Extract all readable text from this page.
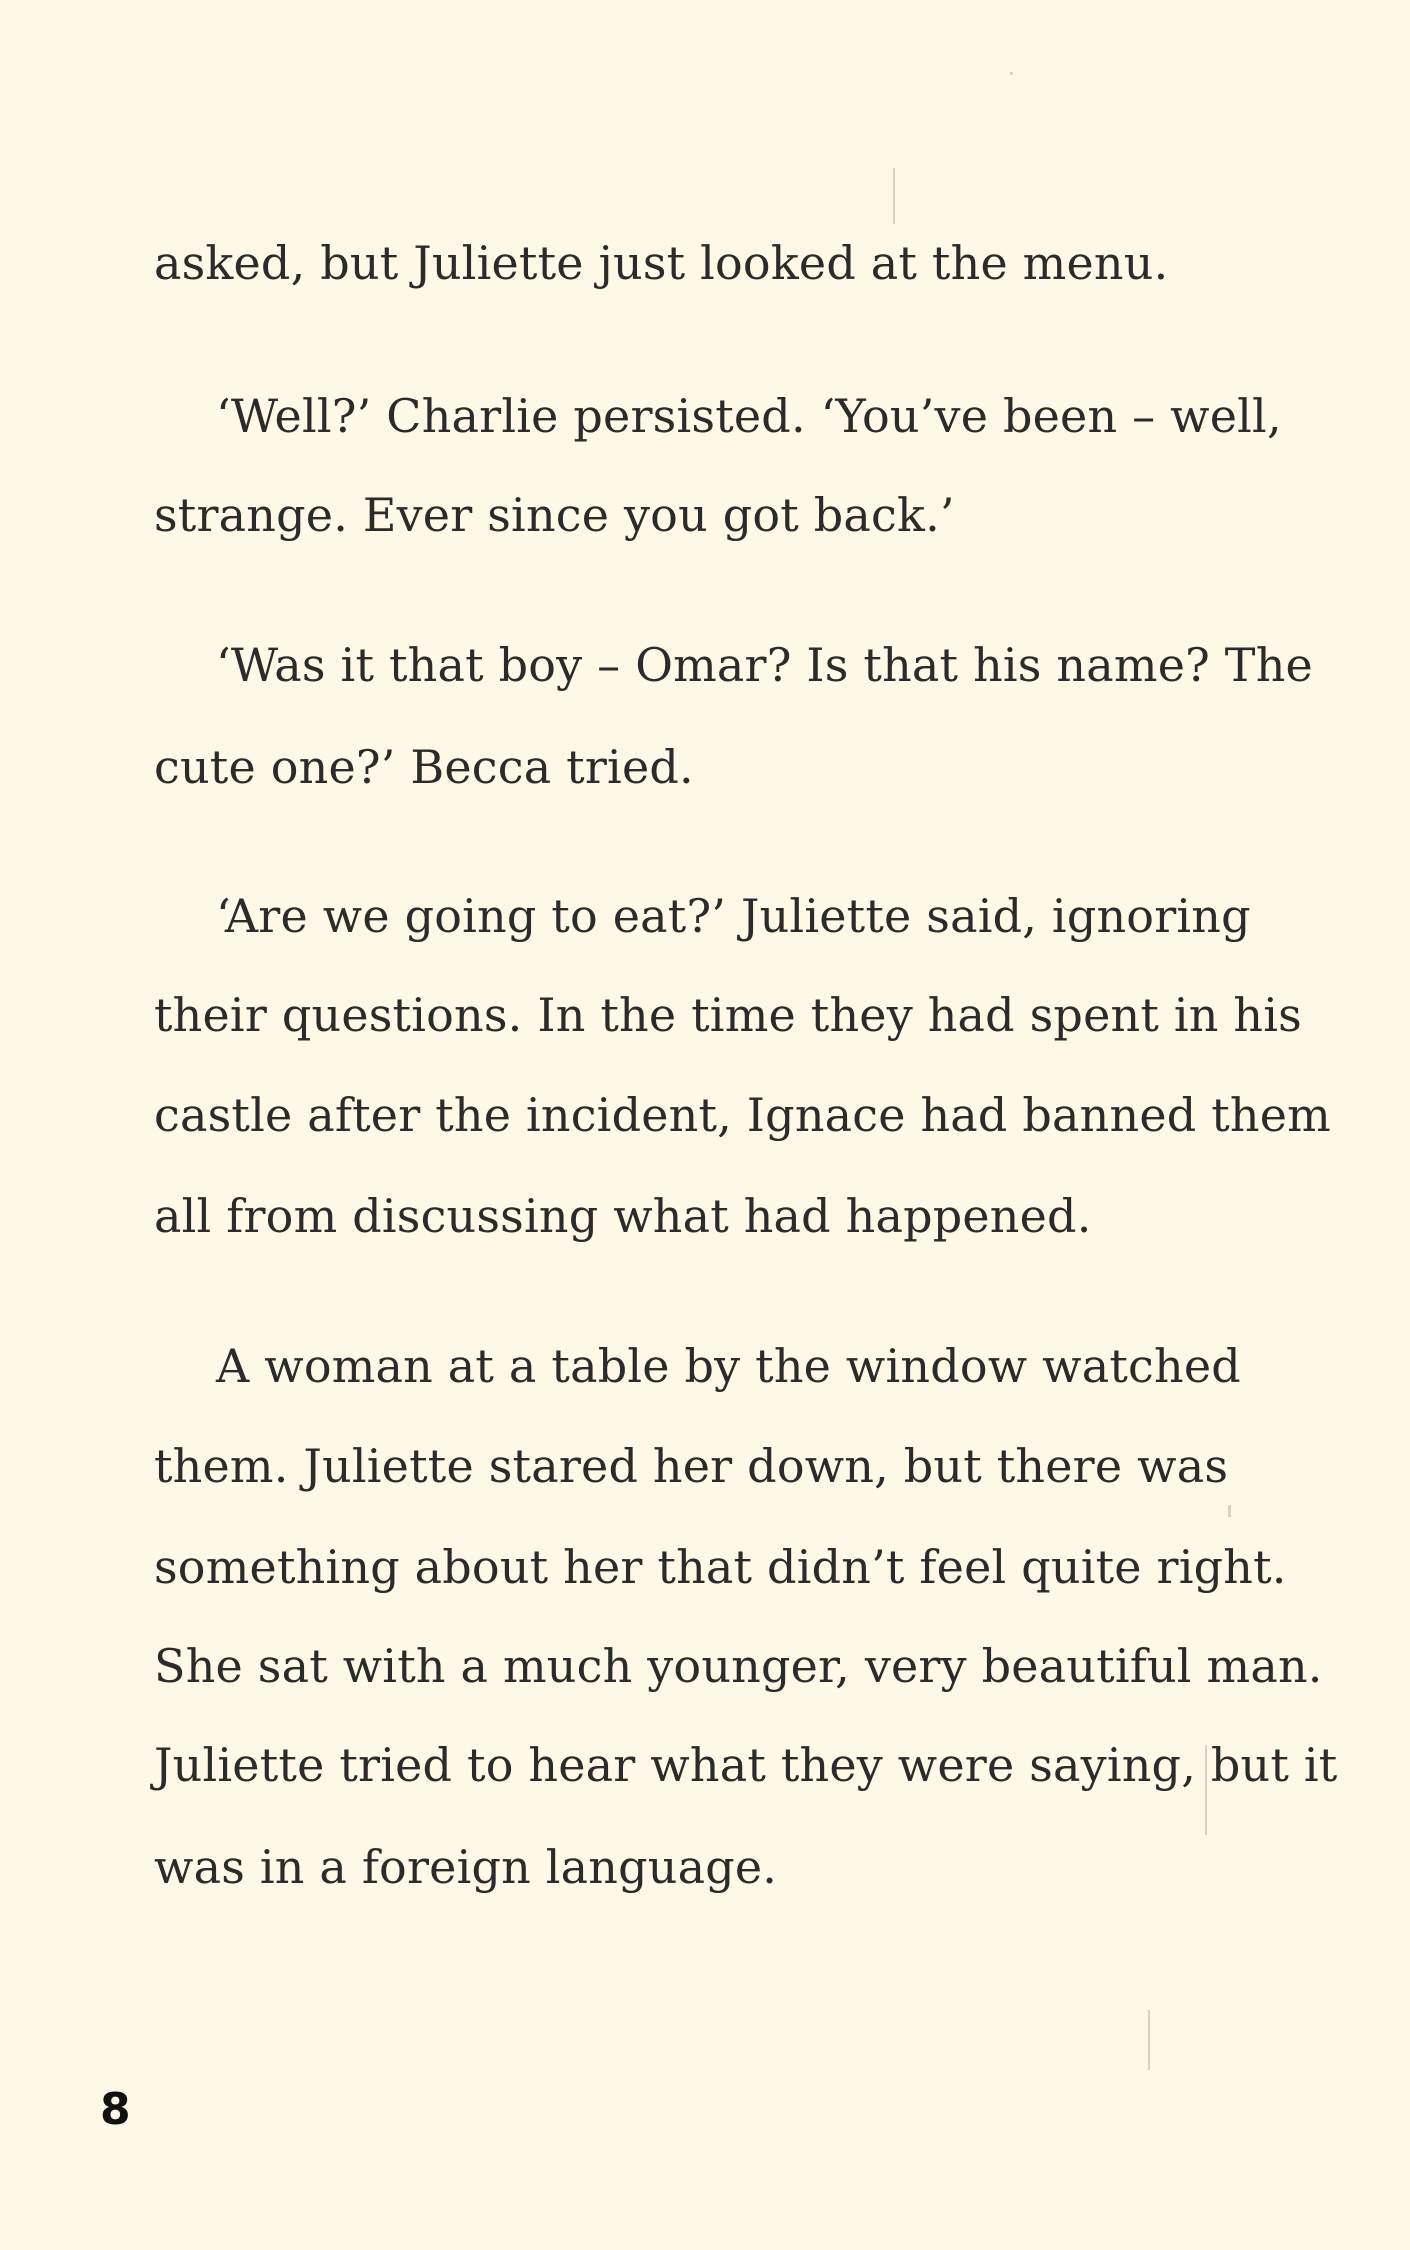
asked, but Juliette just looked at the menu.
‘Well?’ Charlie persisted. ‘You’ve been – well,
strange. Ever since you got back.’
‘Was it that boy – Omar? Is that his name? The
cute one?’ Becca tried.
‘Are we going to eat?’ Juliette said, ignoring
their questions. In the time they had spent in his
castle after the incident, Ignace had banned them
all from discussing what had happened.
A woman at a table by the window watched
them. Juliette stared her down, but there was
something about her that didn’t feel quite right.
She sat with a much younger, very beautiful man.
Juliette tried to hear what they were saying, but it
was in a foreign language.
8
